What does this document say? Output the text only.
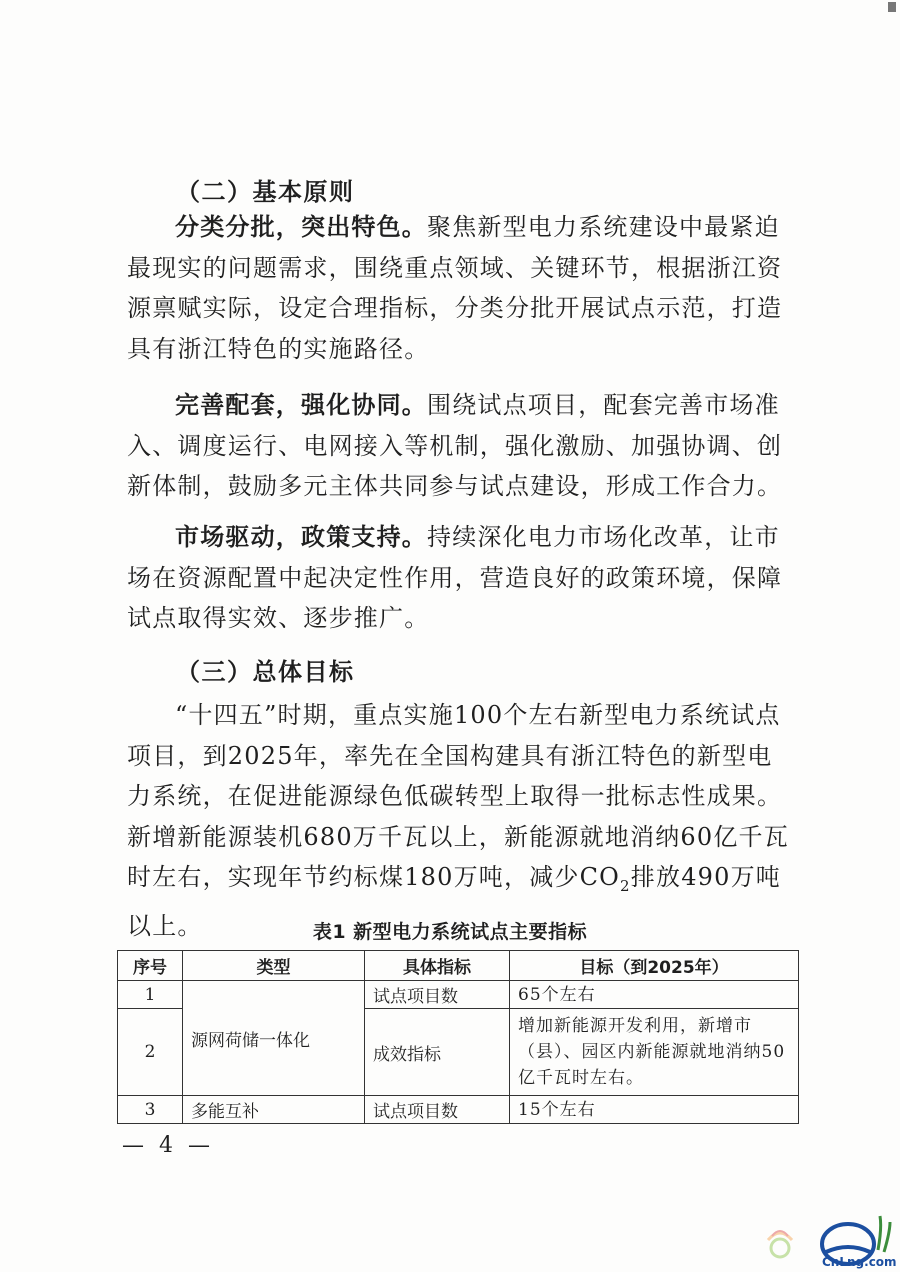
（二）基本原则

分类分批，突出特色。聚焦新型电力系统建设中最紧迫最现实的问题需求，围绕重点领域、关键环节，根据浙江资源禀赋实际，设定合理指标，分类分批开展试点示范，打造具有浙江特色的实施路径。

完善配套，强化协同。围绕试点项目，配套完善市场准入、调度运行、电网接入等机制，强化激励、加强协调、创新体制，鼓励多元主体共同参与试点建设，形成工作合力。

市场驱动，政策支持。持续深化电力市场化改革，让市场在资源配置中起决定性作用，营造良好的政策环境，保障试点取得实效、逐步推广。

（三）总体目标

“十四五”时期，重点实施100个左右新型电力系统试点项目，到2025年，率先在全国构建具有浙江特色的新型电力系统，在促进能源绿色低碳转型上取得一批标志性成果。新增新能源装机680万千瓦以上，新能源就地消纳60亿千瓦时左右，实现年节约标煤180万吨，减少$CO_2$排放490万吨以上。	表1 新型电力系统试点主要指标
序号	类型	具体指标	目标（到2025年）
1	源网荷储一体化	试点项目数	65个左右
2		成效指标	增加新能源开发利用，新增市（县）、园区内新能源就地消纳50亿千瓦时左右。
3	多能互补	试点项目数	15个左右
— 4 —
CnLng.com
